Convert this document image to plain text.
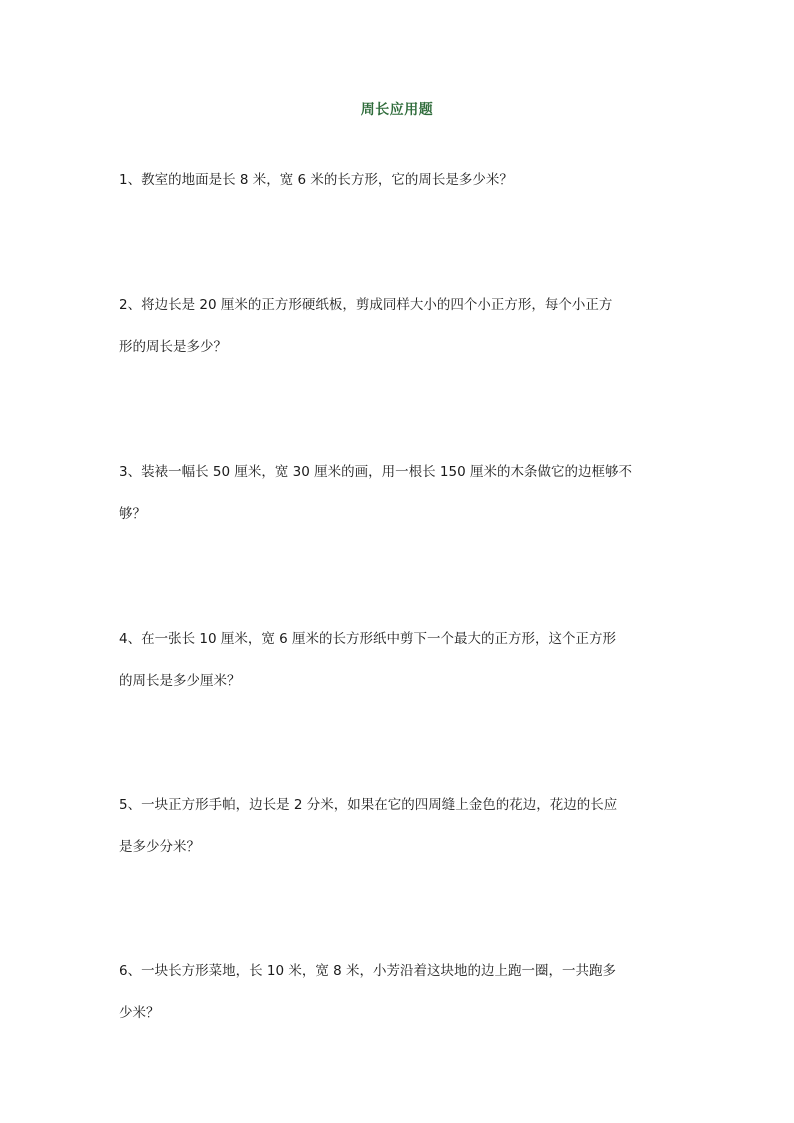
周长应用题
1、教室的地面是长 8 米，宽 6 米的长方形，它的周长是多少米？
2、将边长是 20 厘米的正方形硬纸板，剪成同样大小的四个小正方形，每个小正方
形的周长是多少？
3、装裱一幅长 50 厘米，宽 30 厘米的画，用一根长 150 厘米的木条做它的边框够不
够？
4、在一张长 10 厘米，宽 6 厘米的长方形纸中剪下一个最大的正方形，这个正方形
的周长是多少厘米？
5、一块正方形手帕，边长是 2 分米，如果在它的四周缝上金色的花边，花边的长应
是多少分米？
6、一块长方形菜地，长 10 米，宽 8 米，小芳沿着这块地的边上跑一圈，一共跑多
少米？
